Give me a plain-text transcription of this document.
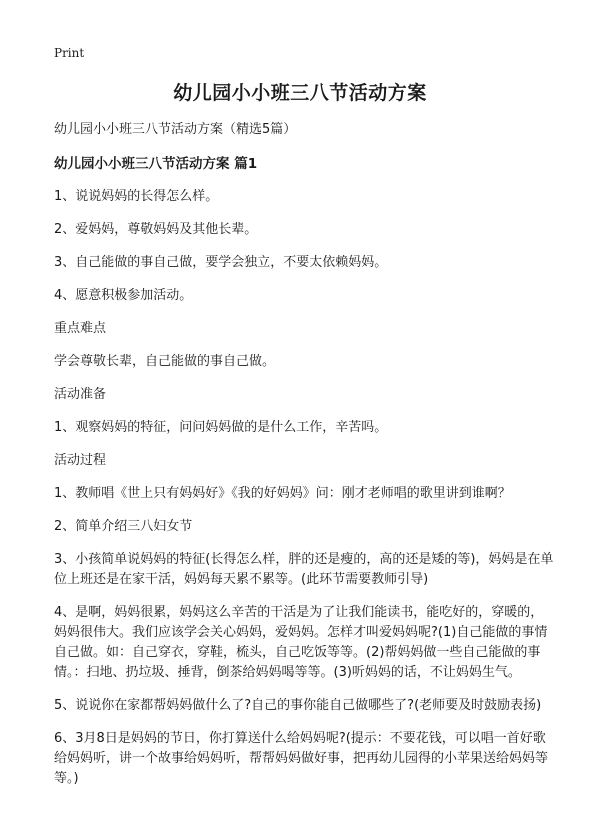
Print
幼儿园小小班三八节活动方案

幼儿园小小班三八节活动方案（精选5篇）

幼儿园小小班三八节活动方案 篇1

1、说说妈妈的长得怎么样。

2、爱妈妈，尊敬妈妈及其他长辈。

3、自己能做的事自己做，要学会独立，不要太依赖妈妈。

4、愿意积极参加活动。

重点难点

学会尊敬长辈，自己能做的事自己做。

活动准备

1、观察妈妈的特征，问问妈妈做的是什么工作，辛苦吗。

活动过程

1、教师唱《世上只有妈妈好》《我的好妈妈》问：刚才老师唱的歌里讲到谁啊？

2、简单介绍三八妇女节

3、小孩简单说妈妈的特征(长得怎么样，胖的还是瘦的，高的还是矮的等)，妈妈是在单位上班还是在家干活，妈妈每天累不累等。(此环节需要教师引导)

4、是啊，妈妈很累，妈妈这么辛苦的干活是为了让我们能读书，能吃好的，穿暖的，妈妈很伟大。我们应该学会关心妈妈，爱妈妈。怎样才叫爱妈妈呢?(1)自己能做的事情自己做。如：自己穿衣，穿鞋，梳头，自己吃饭等等。(2)帮妈妈做一些自己能做的事情。：扫地、扔垃圾、捶背，倒茶给妈妈喝等等。(3)听妈妈的话，不让妈妈生气。

5、说说你在家都帮妈妈做什么了?自己的事你能自己做哪些了?(老师要及时鼓励表扬)

6、3月8日是妈妈的节日，你打算送什么给妈妈呢?(提示：不要花钱，可以唱一首好歌给妈妈听，讲一个故事给妈妈听，帮帮妈妈做好事，把再幼儿园得的小苹果送给妈妈等等。)
